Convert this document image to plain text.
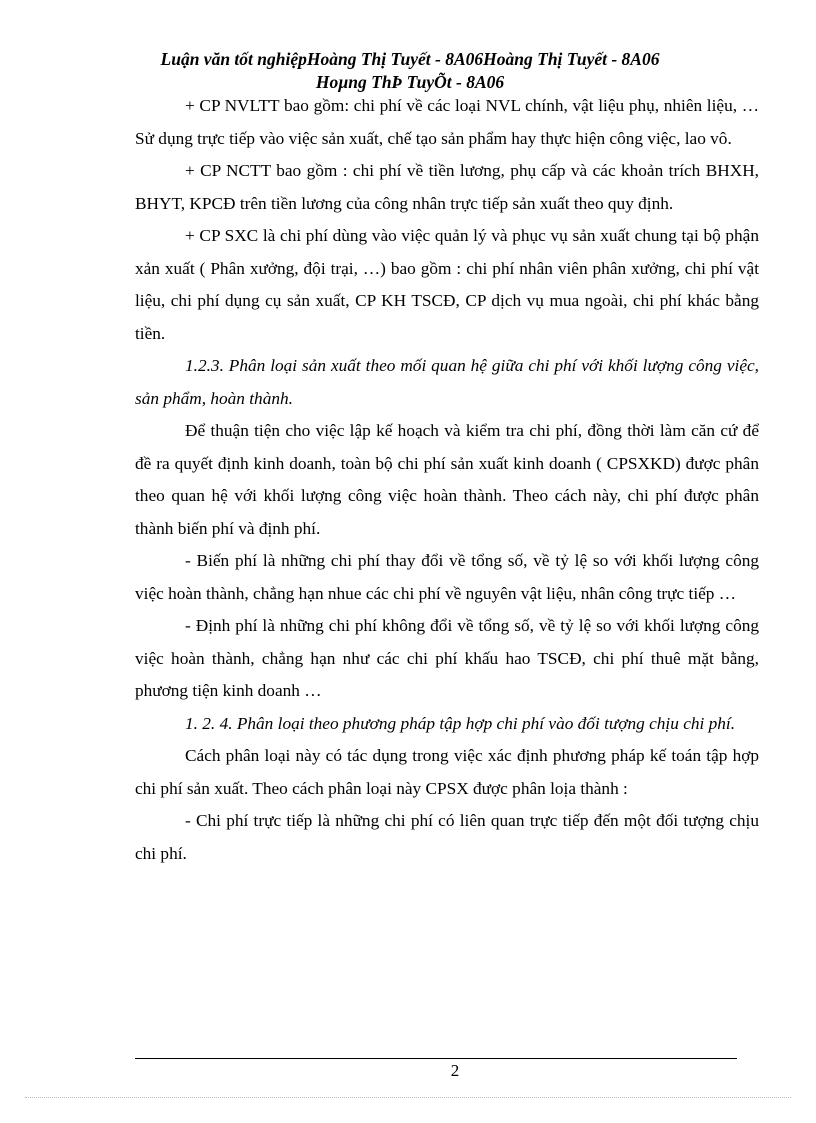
Luận văn tốt nghiệpHoàng Thị Tuyết - 8A06Hoàng Thị Tuyết - 8A06
Hoµng ThÞ TuyÕt - 8A06

+ CP NVLTT bao gồm: chi phí về các loại NVL chính, vật liệu phụ, nhiên liệu, …Sử dụng trực tiếp vào việc sản xuất, chế tạo sản phẩm hay thực hiện công việc, lao vô.

+ CP NCTT bao gồm : chi phí về tiền lương, phụ cấp và các khoản trích BHXH, BHYT, KPCĐ trên tiền lương của công nhân trực tiếp sản xuất theo quy định.

+ CP SXC là chi phí dùng vào việc quản lý và phục vụ sản xuất chung tại bộ phận xản xuất ( Phân xưởng, đội trại, …) bao gồm : chi phí nhân viên phân xưởng, chi phí vật liệu, chi phí dụng cụ sản xuất, CP KH TSCĐ, CP dịch vụ mua ngoài, chi phí khác bằng tiền.

1.2.3. Phân loại sản xuất theo mối quan hệ giữa chi phí với khối lượng công việc, sản phẩm, hoàn thành.

Để thuận tiện cho việc lập kế hoạch và kiểm tra chi phí, đồng thời làm căn cứ để đề ra quyết định kinh doanh, toàn bộ chi phí sản xuất kinh doanh ( CPSXKD) được phân theo quan hệ với khối lượng công việc hoàn thành. Theo cách này, chi phí được phân thành biến phí và định phí.

- Biến phí là những chi phí thay đổi về tổng số, về tỷ lệ so với khối lượng công việc hoàn thành, chẳng hạn nhue các chi phí về nguyên vật liệu, nhân công trực tiếp …

- Định phí là những chi phí không đổi về tổng số, về tỷ lệ so với khối lượng công việc hoàn thành, chẳng hạn như các chi phí khấu hao TSCĐ, chi phí thuê mặt bằng, phương tiện kinh doanh …

1. 2. 4. Phân loại theo phương pháp tập hợp chi phí vào đối tượng chịu chi phí.

Cách phân loại này có tác dụng trong việc xác định phương pháp kế toán tập hợp chi phí sản xuất. Theo cách phân loại này CPSX được phân loịa thành :

- Chi phí trực tiếp là những chi phí có liên quan trực tiếp đến một đối tượng chịu chi phí.

2
